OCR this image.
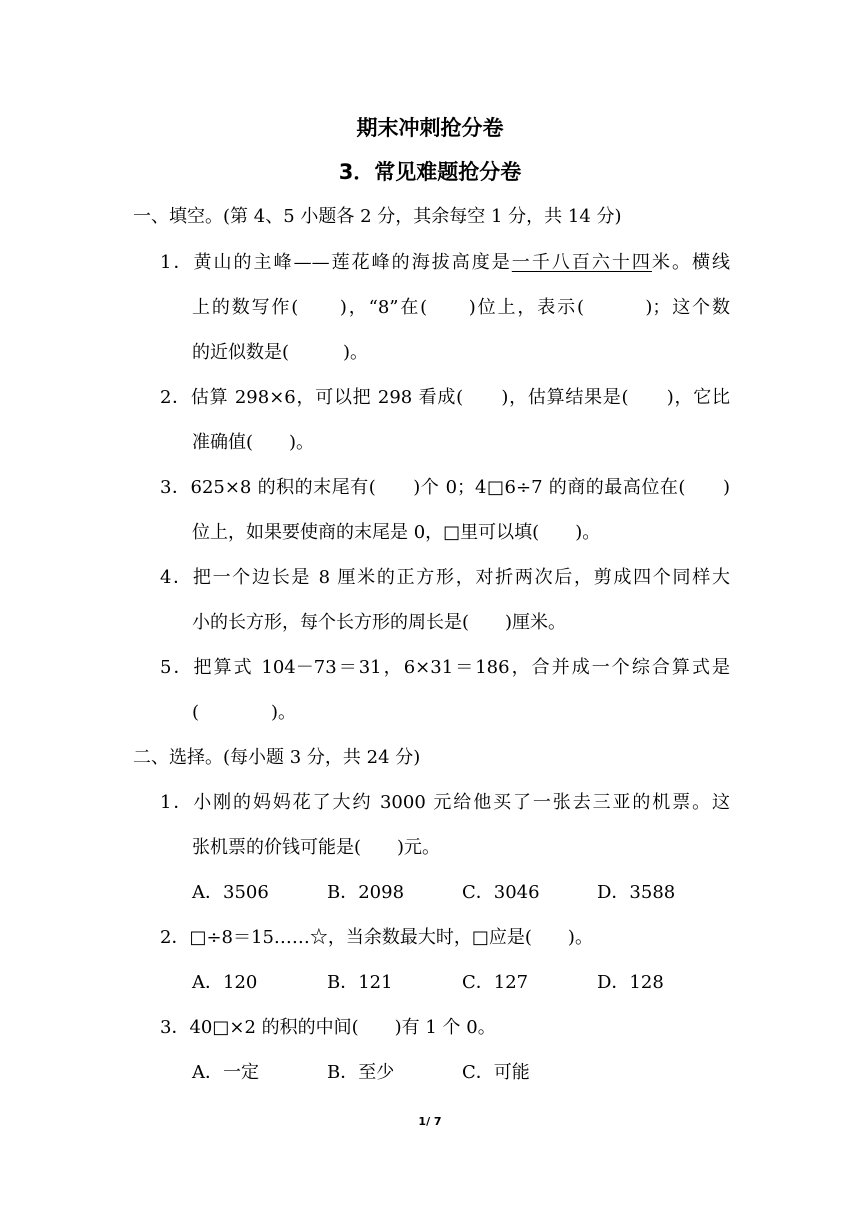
期末冲刺抢分卷
3．常见难题抢分卷
一、填空。(第 4、5 小题各 2 分，其余每空 1 分，共 14 分)
1．黄山的主峰——莲花峰的海拔高度是一千八百六十四米。横线
上的数写作(　　)，“8”在(　　)位上，表示(　　　)；这个数
的近似数是(　　　)。
2．估算 298×6，可以把 298 看成(　　)，估算结果是(　　)，它比
准确值(　　)。
3．625×8 的积的末尾有(　　)个 0；4□6÷7 的商的最高位在(　　)
位上，如果要使商的末尾是 0，□里可以填(　　)。
4．把一个边长是 8 厘米的正方形，对折两次后，剪成四个同样大
小的长方形，每个长方形的周长是(　　)厘米。
5．把算式 104－73＝31，6×31＝186，合并成一个综合算式是
(　　　　)。
二、选择。(每小题 3 分，共 24 分)
1．小刚的妈妈花了大约 3000 元给他买了一张去三亚的机票。这
张机票的价钱可能是(　　)元。
A．3506	B．2098	C．3046	D．3588
2．□÷8＝15……☆，当余数最大时，□应是(　　)。
A．120	B．121	C．127	D．128
3．40□×2 的积的中间(　　)有 1 个 0。
A．一定	B．至少	C．可能
1/ 7
